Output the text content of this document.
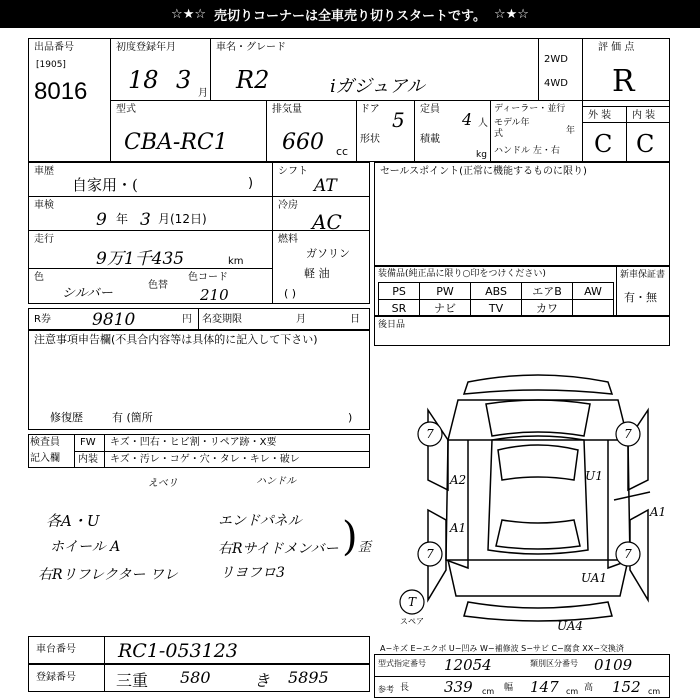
☆★☆ 売切りコーナーは全車売り切りスタートです。 ☆★☆
出品番号
[1905]
8016
初度登録年月
18 3 月
車名・グレード
R2	iガジュアル
2WD
4WD
評 価 点
R
型式
CBA-RC1
排気量
660 cc
ドア 5
形状
定員
4 人
積載
kg
ディーラー・並行
モデル年式	年
ハンドル 左・右
外 装 内 装
C C
車歴
自家用・(	)
車検
9 年 3 月(12日)
走行
9万1千435	km
色
シルバー
色替
色コード
210
シフト
AT
冷房
AC
燃料
ガソリン
軽 油
( )
R券 9810	円 名変期限	月	日
セールスポイント(正常に機能するものに限り)
装備品(純正品に限り○印をつけください)
PS	PW	ABS	エアB	AW
SR	ナビ	TV	カワ	
新車保証書
有・無
後日品
注意事項申告欄(不具合内容等は具体的に記入して下さい)
修復歴	有 (箇所	)
検査員
記入欄
FW
内装
キズ・凹右・ヒビ割・リペア跡・X要
キズ・汚レ・コゲ・穴・タレ・キレ・破レ
えベリ	ハンドル
各A・U
ホイール A
右Rリフレクター ワレ
エンドパネル
右Rサイドメンバー
リヨフロ3
) 歪
7	7
7	7
T
A2	U1
A1
A1
UA1
UA4
スペア
A−キズ E−エクボ U−凹み W−補修波 S−サビ C−腐食 XX−交換済
車台番号 RC1-053123
登録番号	三重 580	き 5895
型式指定番号 12054	類別区分番号 0109
参考 長 339 cm 幅 147 cm 高 152 cm
